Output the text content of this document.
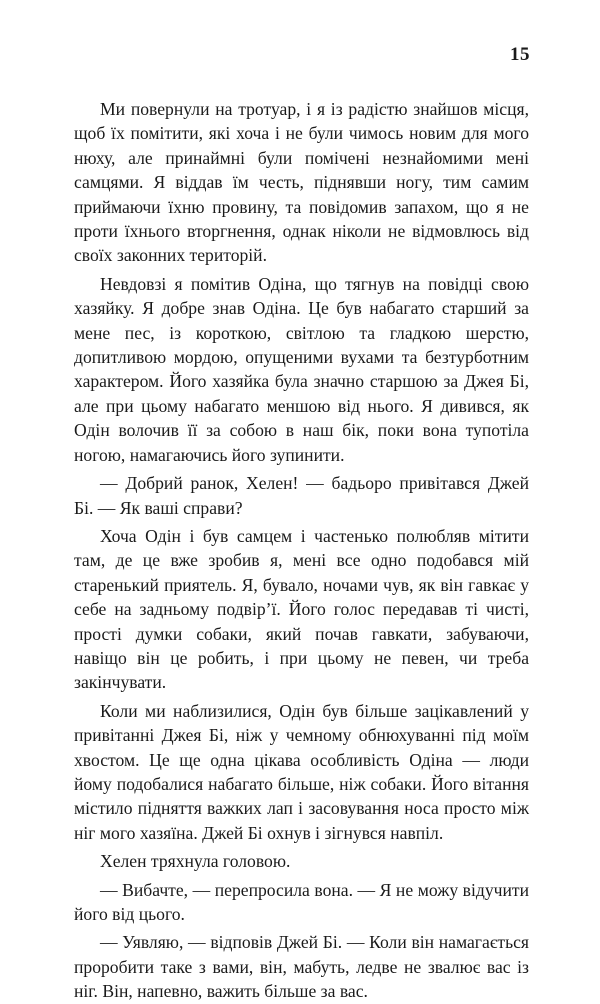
15

Ми повернули на тротуар, і я із радістю знайшов місця, щоб їх помітити, які хоча і не були чимось новим для мого нюху, але принаймні були помічені незнайомими мені самцями. Я віддав їм честь, піднявши ногу, тим самим приймаючи їхню провину, та повідомив запахом, що я не проти їхнього вторгнення, однак ніколи не відмовлюсь від своїх законних територій.

Невдовзі я помітив Одіна, що тягнув на повідці свою хазяйку. Я добре знав Одіна. Це був набагато старший за мене пес, із короткою, світлою та гладкою шерстю, допитливою мордою, опущеними вухами та безтурботним характером. Його хазяйка була значно старшою за Джея Бі, але при цьому набагато меншою від нього. Я дивився, як Одін волочив її за собою в наш бік, поки вона тупотіла ногою, намагаючись його зупинити.

— Добрий ранок, Хелен! — бадьоро привітався Джей Бі. — Як ваші справи?

Хоча Одін і був самцем і частенько полюбляв мітити там, де це вже зробив я, мені все одно подобався мій старенький приятель. Я, бувало, ночами чув, як він гавкає у себе на задньому подвір’ї. Його голос передавав ті чисті, прості думки собаки, який почав гавкати, забуваючи, навіщо він це робить, і при цьому не певен, чи треба закінчувати.

Коли ми наблизилися, Одін був більше зацікавлений у привітанні Джея Бі, ніж у чемному обнюхуванні під моїм хвостом. Це ще одна цікава особливість Одіна — люди йому подобалися набагато більше, ніж собаки. Його вітання містило підняття важких лап і засовування носа просто між ніг мого хазяїна. Джей Бі охнув і зігнувся навпіл.

Хелен тряхнула головою.

— Вибачте, — перепросила вона. — Я не можу відучити його від цього.

— Уявляю, — відповів Джей Бі. — Коли він намагається проробити таке з вами, він, мабуть, ледве не звалює вас із ніг. Він, напевно, важить більше за вас.
